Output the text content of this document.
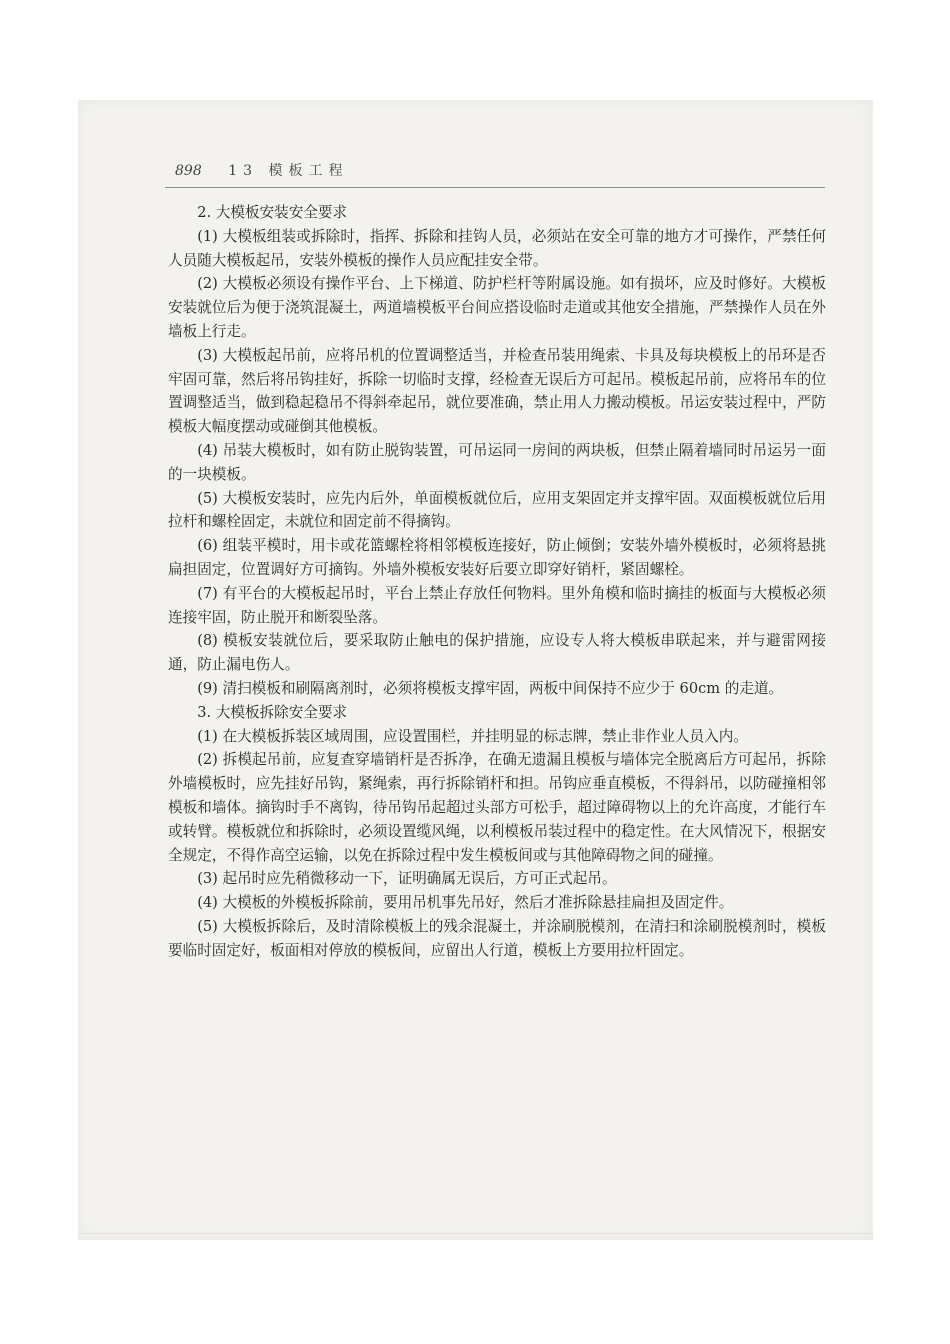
898 13 模板工程

2. 大模板安装安全要求

(1) 大模板组装或拆除时，指挥、拆除和挂钩人员，必须站在安全可靠的地方才可操作，严禁任何人员随大模板起吊，安装外模板的操作人员应配挂安全带。

(2) 大模板必须设有操作平台、上下梯道、防护栏杆等附属设施。如有损坏，应及时修好。大模板安装就位后为便于浇筑混凝土，两道墙模板平台间应搭设临时走道或其他安全措施，严禁操作人员在外墙板上行走。

(3) 大模板起吊前，应将吊机的位置调整适当，并检查吊装用绳索、卡具及每块模板上的吊环是否牢固可靠，然后将吊钩挂好，拆除一切临时支撑，经检查无误后方可起吊。模板起吊前，应将吊车的位置调整适当，做到稳起稳吊不得斜牵起吊，就位要准确，禁止用人力搬动模板。吊运安装过程中，严防模板大幅度摆动或碰倒其他模板。

(4) 吊装大模板时，如有防止脱钩装置，可吊运同一房间的两块板，但禁止隔着墙同时吊运另一面的一块模板。

(5) 大模板安装时，应先内后外，单面模板就位后，应用支架固定并支撑牢固。双面模板就位后用拉杆和螺栓固定，未就位和固定前不得摘钩。

(6) 组装平模时，用卡或花篮螺栓将相邻模板连接好，防止倾倒；安装外墙外模板时，必须将悬挑扁担固定，位置调好方可摘钩。外墙外模板安装好后要立即穿好销杆，紧固螺栓。

(7) 有平台的大模板起吊时，平台上禁止存放任何物料。里外角模和临时摘挂的板面与大模板必须连接牢固，防止脱开和断裂坠落。

(8) 模板安装就位后，要采取防止触电的保护措施，应设专人将大模板串联起来，并与避雷网接通，防止漏电伤人。

(9) 清扫模板和刷隔离剂时，必须将模板支撑牢固，两板中间保持不应少于 60cm 的走道。

3. 大模板拆除安全要求

(1) 在大模板拆装区域周围，应设置围栏，并挂明显的标志牌，禁止非作业人员入内。

(2) 拆模起吊前，应复查穿墙销杆是否拆净，在确无遗漏且模板与墙体完全脱离后方可起吊，拆除外墙模板时，应先挂好吊钩，紧绳索，再行拆除销杆和担。吊钩应垂直模板，不得斜吊，以防碰撞相邻模板和墙体。摘钩时手不离钩，待吊钩吊起超过头部方可松手，超过障碍物以上的允许高度，才能行车或转臂。模板就位和拆除时，必须设置缆风绳，以利模板吊装过程中的稳定性。在大风情况下，根据安全规定，不得作高空运输，以免在拆除过程中发生模板间或与其他障碍物之间的碰撞。

(3) 起吊时应先稍微移动一下，证明确属无误后，方可正式起吊。

(4) 大模板的外模板拆除前，要用吊机事先吊好，然后才准拆除悬挂扁担及固定件。

(5) 大模板拆除后，及时清除模板上的残余混凝土，并涂刷脱模剂，在清扫和涂刷脱模剂时，模板要临时固定好，板面相对停放的模板间，应留出人行道，模板上方要用拉杆固定。
